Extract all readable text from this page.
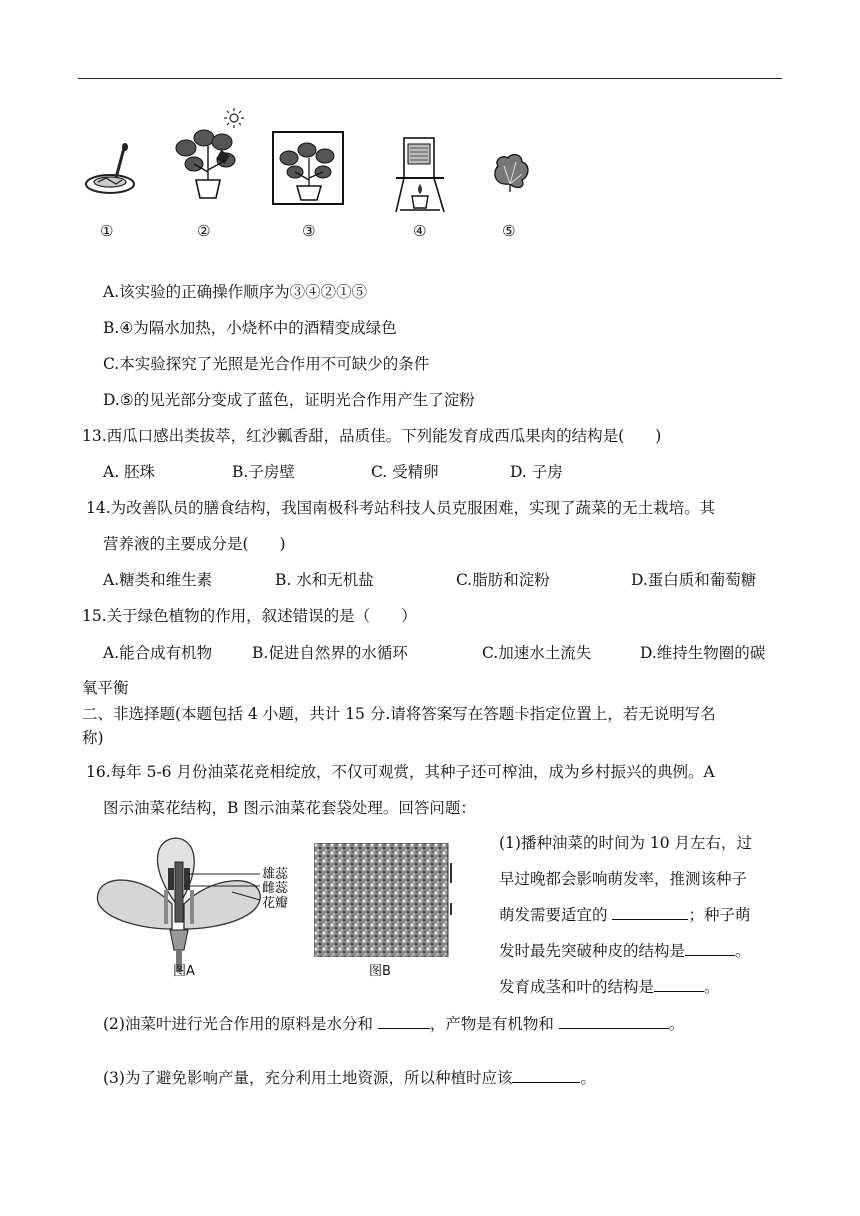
①	②	③	④	⑤
A.该实验的正确操作顺序为③④②①⑤
B.④为隔水加热，小烧杯中的酒精变成绿色
C.本实验探究了光照是光合作用不可缺少的条件
D.⑤的见光部分变成了蓝色，证明光合作用产生了淀粉
13.西瓜口感出类拔萃，红沙瓤香甜，品质佳。下列能发育成西瓜果肉的结构是(　　)
A. 胚珠	B.子房壁	C. 受精卵	D. 子房
14.为改善队员的膳食结构，我国南极科考站科技人员克服困难，实现了蔬菜的无土栽培。其
营养液的主要成分是(　　)
A.糖类和维生素	B. 水和无机盐	C.脂肪和淀粉	D.蛋白质和葡萄糖
15.关于绿色植物的作用，叙述错误的是（　　）
A.能合成有机物	B.促进自然界的水循环	C.加速水土流失	D.维持生物圈的碳
氧平衡
二、非选择题(本题包括 4 小题，共计 15 分.请将答案写在答题卡指定位置上，若无说明写名
称)
16.每年 5-6 月份油菜花竞相绽放，不仅可观赏，其种子还可榨油，成为乡村振兴的典例。A
图示油菜花结构，B 图示油菜花套袋处理。回答问题：
雄蕊
雌蕊
花瓣
图A	图B
(1)播种油菜的时间为 10 月左右，过
早过晚都会影响萌发率，推测该种子
萌发需要适宜的	；种子萌
发时最先突破种皮的结构是	。
发育成茎和叶的结构是	。
(2)油菜叶进行光合作用的原料是水分和	，产物是有机物和	。
(3)为了避免影响产量，充分利用土地资源，所以种植时应该	。
